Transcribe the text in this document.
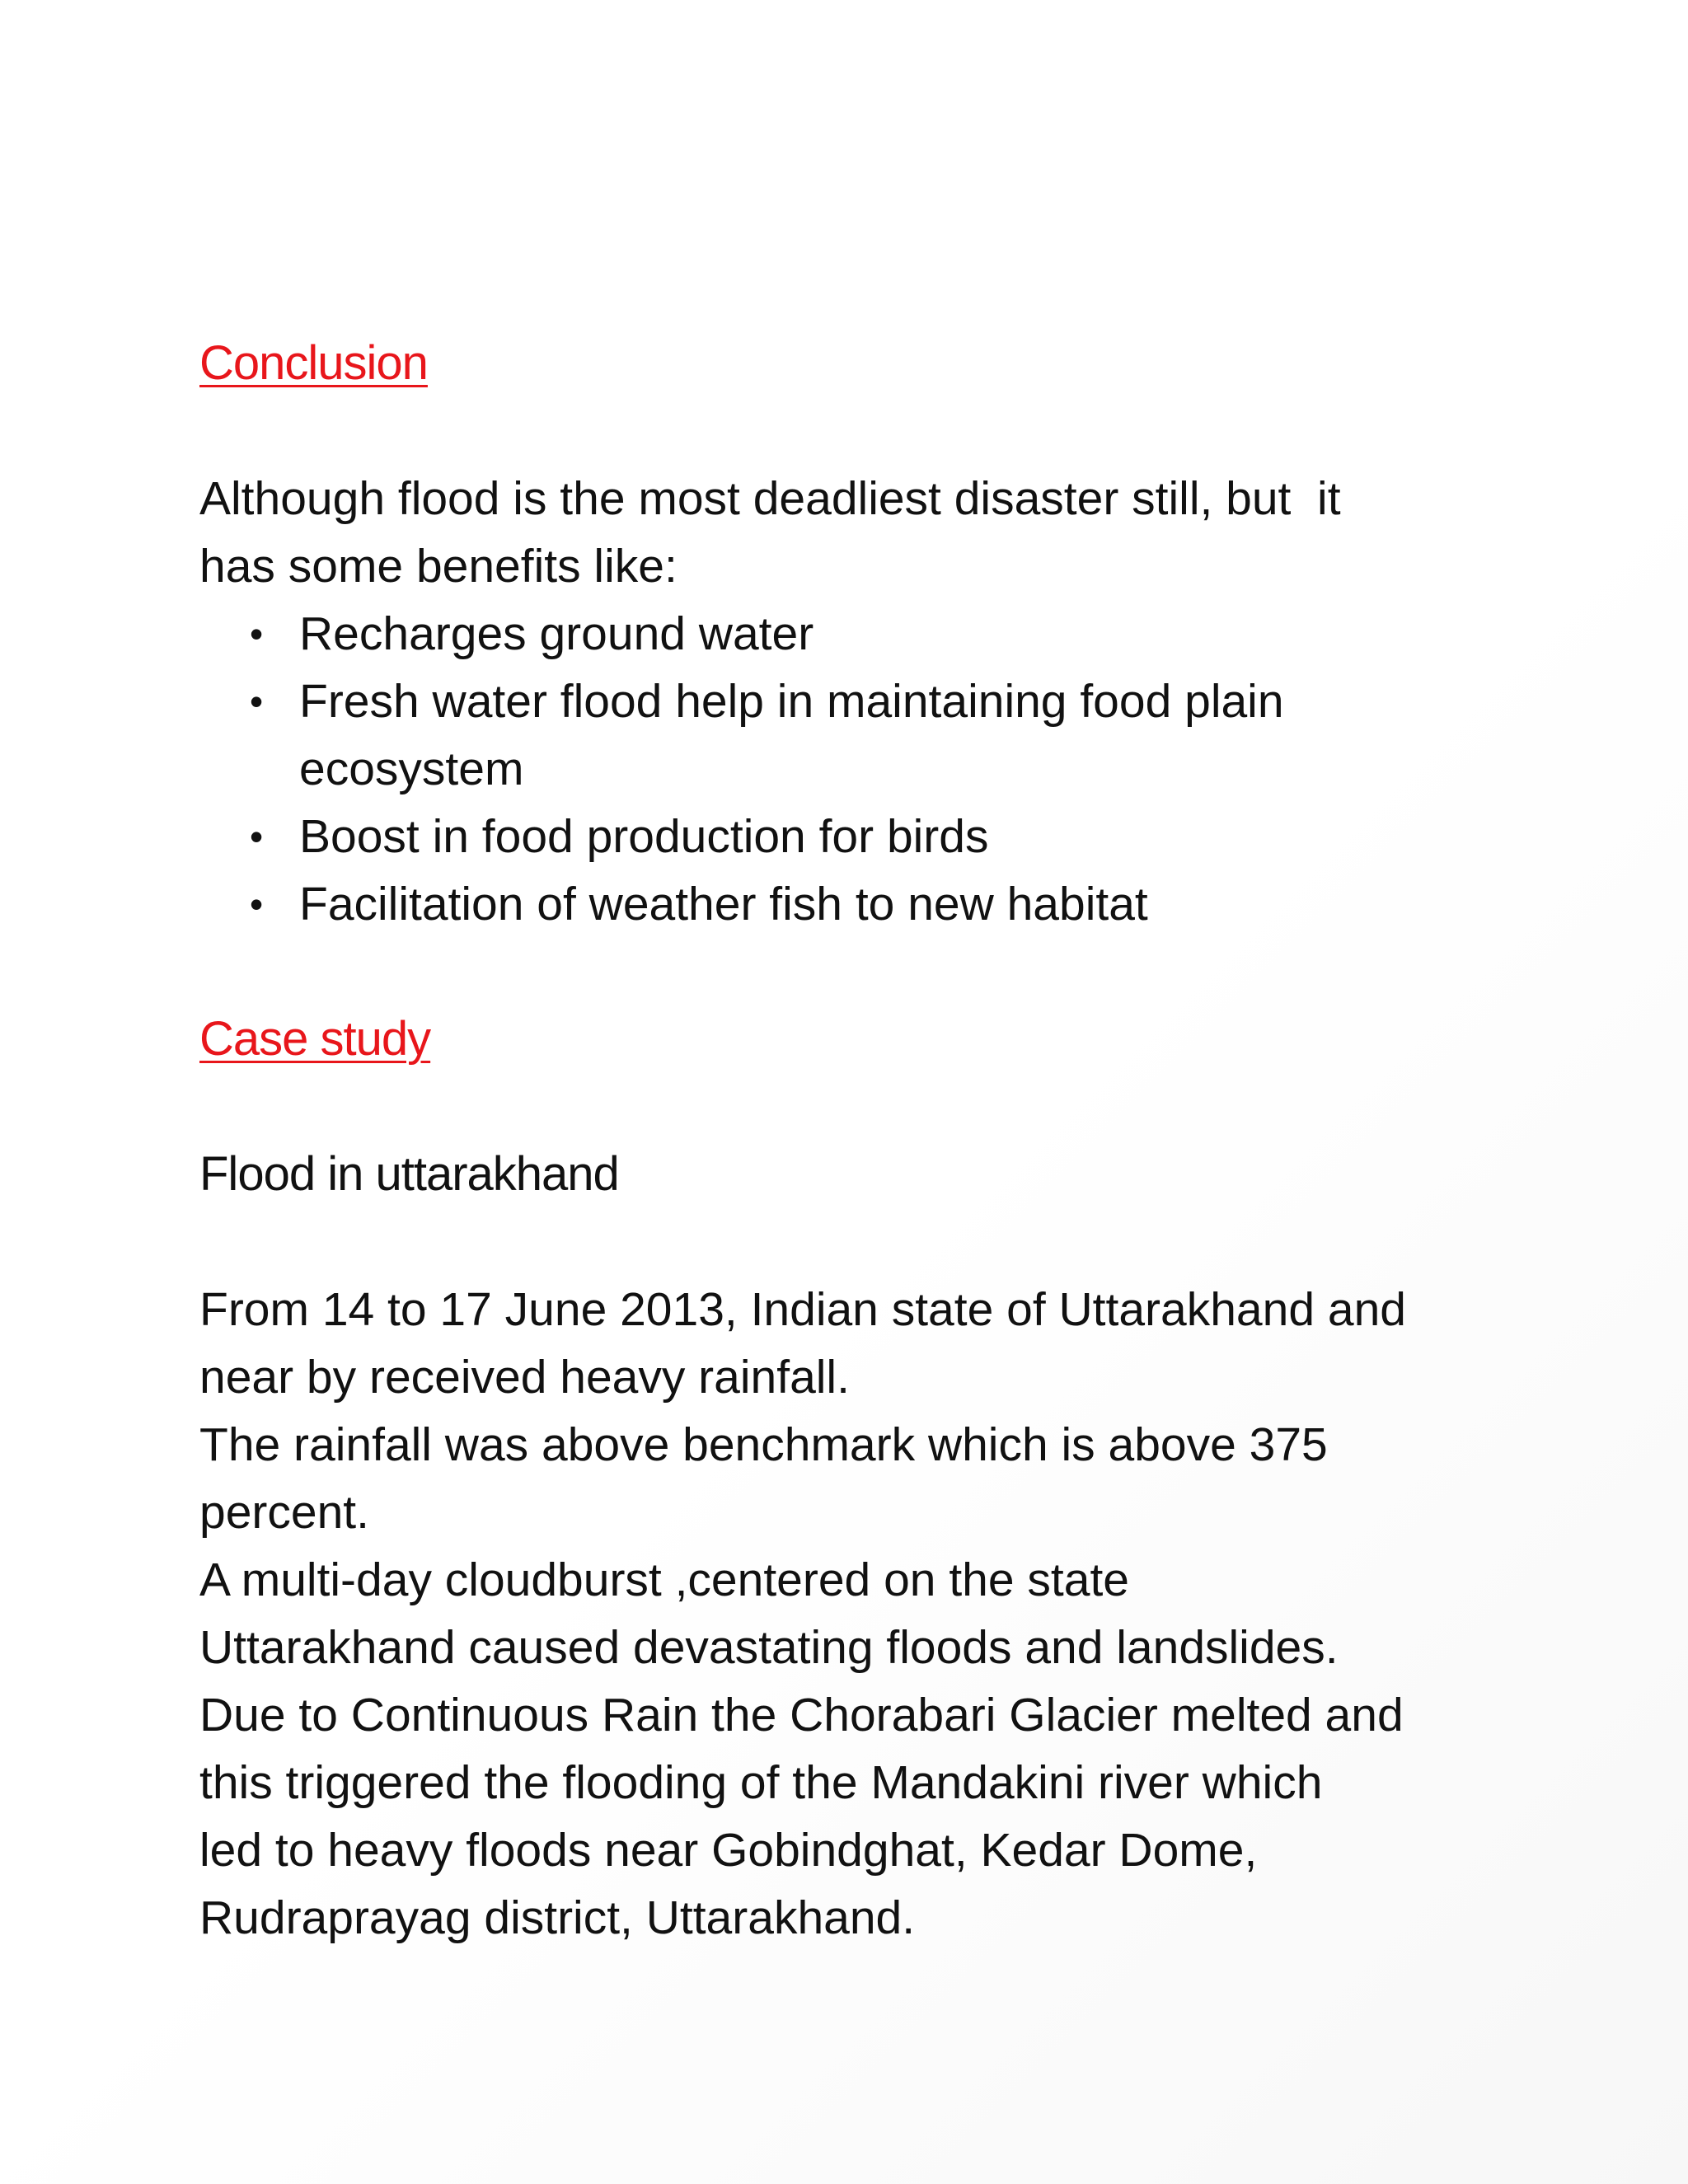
Conclusion

Although flood is the most deadliest disaster still, but  it

has some benefits like:

• Recharges ground water
• Fresh water flood help in maintaining food plain ecosystem
• Boost in food production for birds
• Facilitation of weather fish to new habitat
Case study
Flood in uttarakhand

From 14 to 17 June 2013, Indian state of Uttarakhand and

near by received heavy rainfall.

The rainfall was above benchmark which is above 375

percent.

A multi-day cloudburst ,centered on the state

Uttarakhand caused devastating floods and landslides.

Due to Continuous Rain the Chorabari Glacier melted and

this triggered the flooding of the Mandakini river which

led to heavy floods near Gobindghat, Kedar Dome,

Rudraprayag district, Uttarakhand.
